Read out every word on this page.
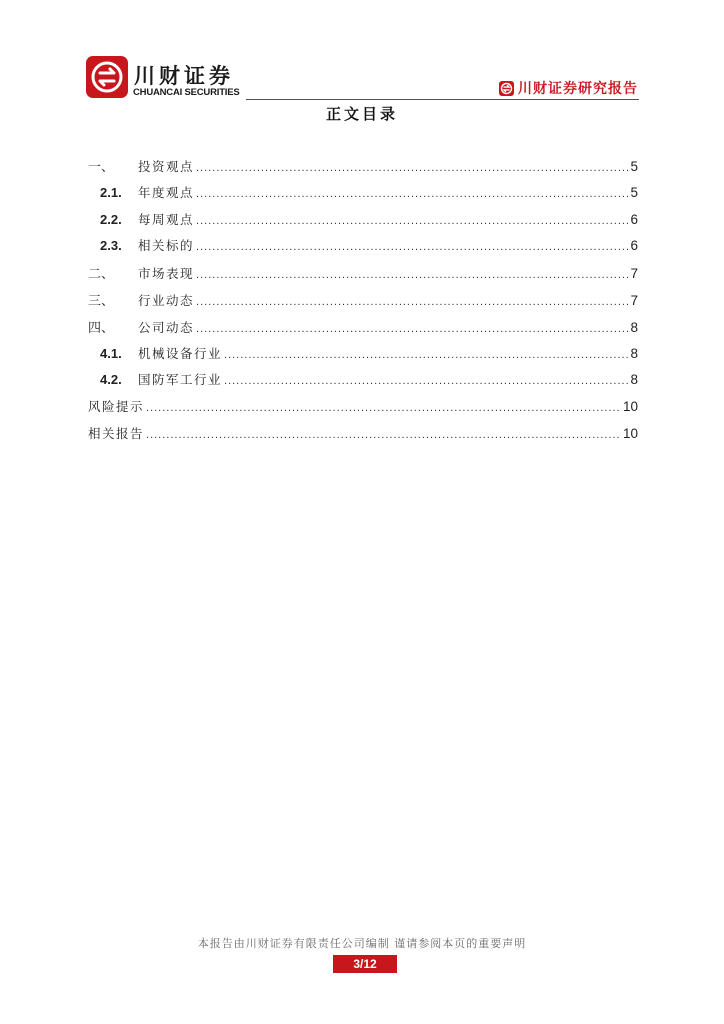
川财证券
CHUANCAI SECURITIES	川财证券研究报告
正文目录
一、	投资观点 .....	5
2.1.	年度观点 .....	5
2.2.	每周观点 .....	6
2.3.	相关标的 .....	6
二、	市场表现 .....	7
三、	行业动态 .....	7
四、	公司动态 .....	8
4.1.	机械设备行业 .....	8
4.2.	国防军工行业 .....	8
风险提示 .....	10
相关报告 .....	10
本报告由川财证券有限责任公司编制 谨请参阅本页的重要声明
3/12
